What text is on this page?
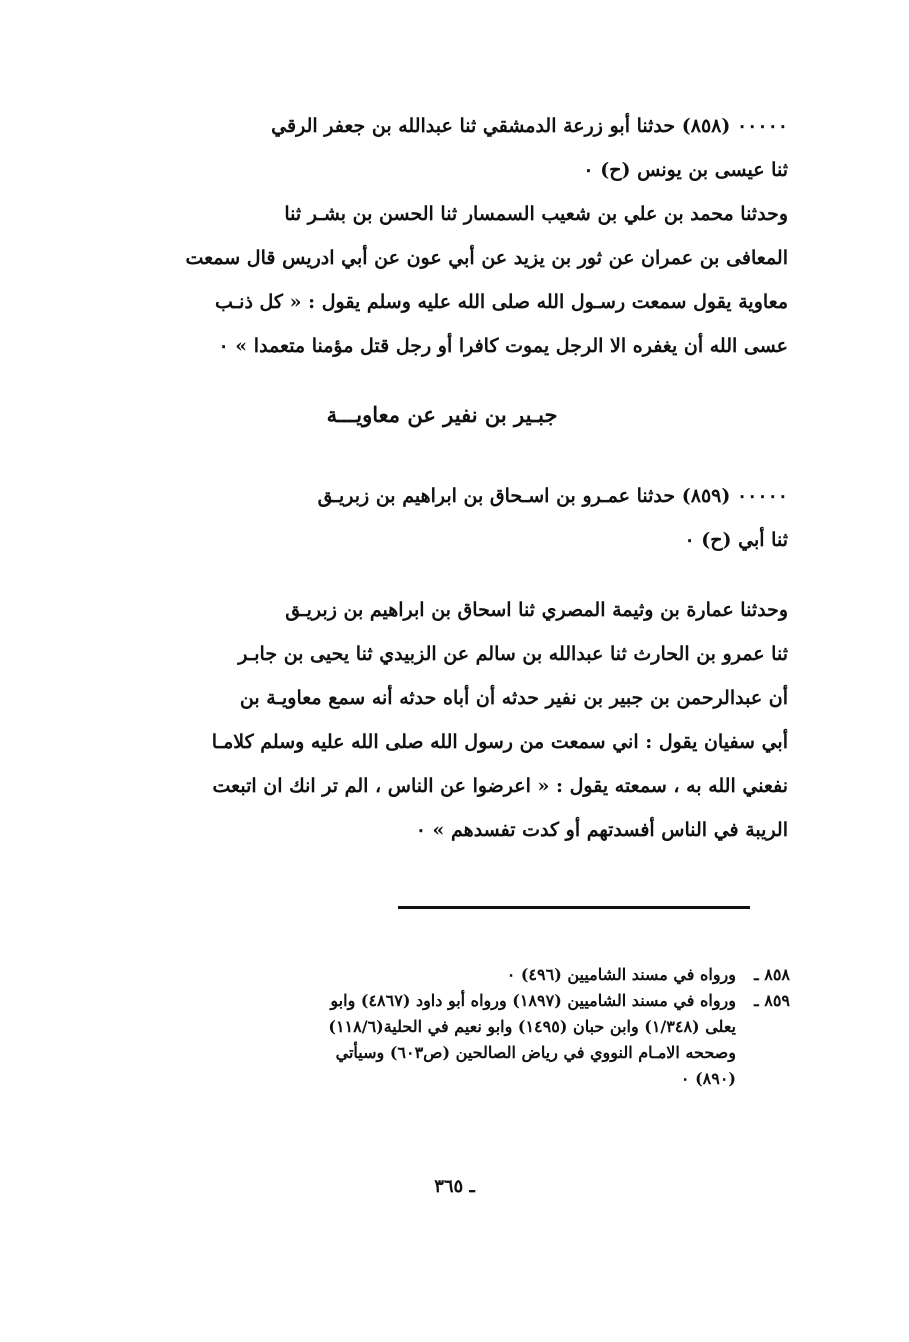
٠٠٠٠٠ (٨٥٨) حدثنا أبو زرعة الدمشقي ثنا عبدالله بن جعفر الرقي
ثنا عيسى بن يونس (ح) ٠
وحدثنا محمد بن علي بن شعيب السمسار ثنا الحسن بن بشـر ثنا
المعافى بن عمران عن ثور بن يزيد عن أبي عون عن أبي ادريس قال سمعت
معاوية يقول سمعت رسـول الله صلى الله عليه وسلم يقول : « كل ذنـب
عسى الله أن يغفره الا الرجل يموت كافرا أو رجل قتل مؤمنا متعمدا » ٠
جبـير بن نفير عن معاويـــة
٠٠٠٠٠ (٨٥٩) حدثنا عمـرو بن اسـحاق بن ابراهيم بن زبريـق
ثنا أبي (ح) ٠
وحدثنا عمارة بن وثيمة المصري ثنا اسحاق بن ابراهيم بن زبريـق
ثنا عمرو بن الحارث ثنا عبدالله بن سالم عن الزبيدي ثنا يحيى بن جابـر
أن عبدالرحمن بن جبير بن نفير حدثه أن أباه حدثه أنه سمع معاويـة بن
أبي سفيان يقول : اني سمعت من رسول الله صلى الله عليه وسلم كلامـا
نفعني الله به ، سمعته يقول : « اعرضوا عن الناس ، الم تر انك ان اتبعت
الريبة في الناس أفسدتهم أو كدت تفسدهم » ٠
٨٥٨ ـ
ورواه في مسند الشاميين (٤٩٦) ٠
٨٥٩ ـ
ورواه في مسند الشاميين (١٨٩٧) ورواه أبو داود (٤٨٦٧) وابو
يعلى (١/٣٤٨) وابن حبان (١٤٩٥) وابو نعيم في الحلية(١١٨/٦)
وصححه الامـام النووي في رياض الصالحين (ص٦٠٣) وسيأتي
(٨٩٠) ٠
ـ ٣٦٥
